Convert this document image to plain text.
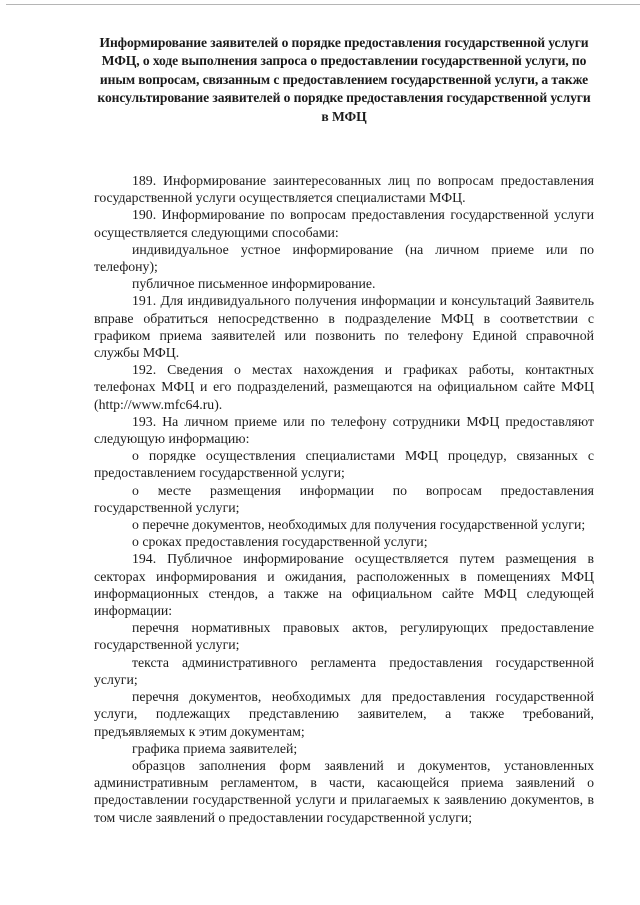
Информирование заявителей о порядке предоставления государственной услуги МФЦ, о ходе выполнения запроса о предоставлении государственной услуги, по иным вопросам, связанным с предоставлением государственной услуги, а также консультирование заявителей о порядке предоставления государственной услуги в МФЦ

189. Информирование заинтересованных лиц по вопросам предоставления государственной услуги осуществляется специалистами МФЦ.

190. Информирование по вопросам предоставления государственной услуги осуществляется следующими способами:

индивидуальное устное информирование (на личном приеме или по телефону);

публичное письменное информирование.

191. Для индивидуального получения информации и консультаций Заявитель вправе обратиться непосредственно в подразделение МФЦ в соответствии с графиком приема заявителей или позвонить по телефону Единой справочной службы МФЦ.

192. Сведения о местах нахождения и графиках работы, контактных телефонах МФЦ и его подразделений, размещаются на официальном сайте МФЦ (http://www.mfc64.ru).

193. На личном приеме или по телефону сотрудники МФЦ предоставляют следующую информацию:

о порядке осуществления специалистами МФЦ процедур, связанных с предоставлением государственной услуги;

о месте размещения информации по вопросам предоставления государственной услуги;

о перечне документов, необходимых для получения государственной услуги;

о сроках предоставления государственной услуги;

194. Публичное информирование осуществляется путем размещения в секторах информирования и ожидания, расположенных в помещениях МФЦ информационных стендов, а также на официальном сайте МФЦ следующей информации:

перечня нормативных правовых актов, регулирующих предоставление государственной услуги;

текста административного регламента предоставления государственной услуги;

перечня документов, необходимых для предоставления государственной услуги, подлежащих представлению заявителем, а также требований, предъявляемых к этим документам;

графика приема заявителей;

образцов заполнения форм заявлений и документов, установленных административным регламентом, в части, касающейся приема заявлений о предоставлении государственной услуги и прилагаемых к заявлению документов, в том числе заявлений о предоставлении государственной услуги;
